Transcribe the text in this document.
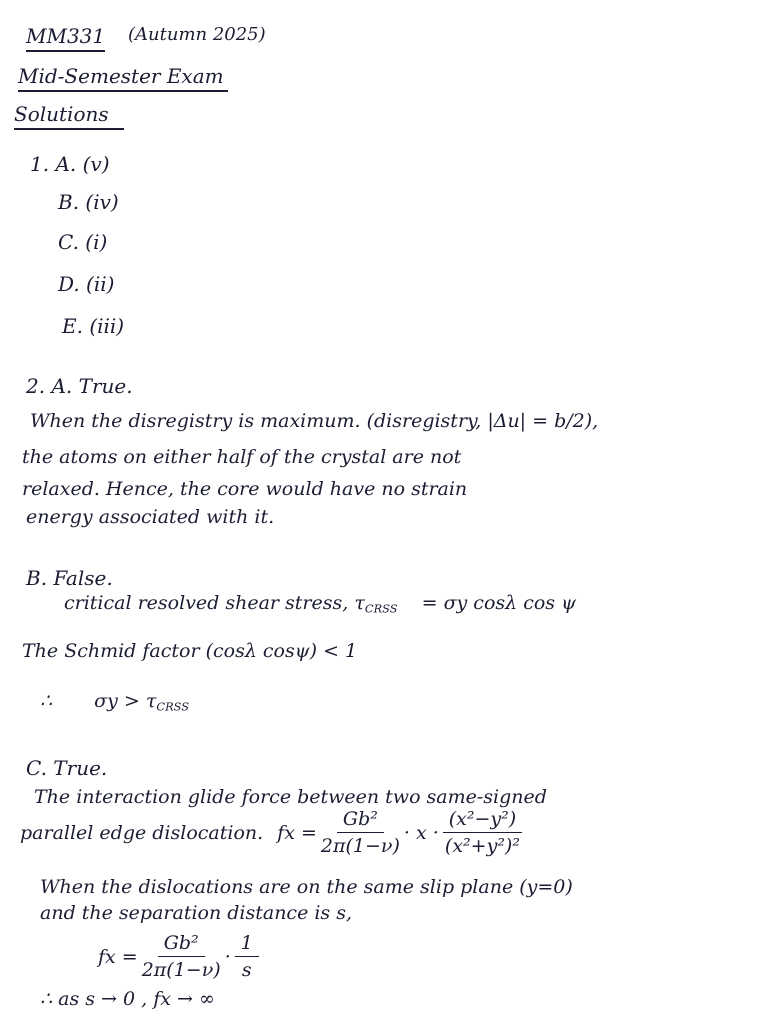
MM331 (Autumn 2025)
Mid-Semester Exam
Solutions
1. A. (v)
B. (iv)
C. (i)
D. (ii)
E. (iii)
2. A. True.
When the disregistry is maximum. (disregistry, |Δu| = b/2),
the atoms on either half of the crystal are not
relaxed. Hence, the core would have no strain
energy associated with it.
B. False.
critical resolved shear stress, $\tau_{CRSS} = \sigma y$ cosλ cos ψ
The Schmid factor (cosλ cosψ) < 1
∴ $\sigma y > \tau_{CRSS}$
C. True.
The interaction glide force between two same-signed
parallel edge dislocation. fx = $\frac{\text{Gb²}}{2\pi(1-\nu)} \cdot x \cdot \frac{\text{(x²−y²)}}{\text{(x²+y²)²}}$
When the dislocations are on the same slip plane (y=0)
and the separation distance is s,
fx = $\frac{\text{Gb²}}{2\pi(1-\nu)} \cdot \frac{1}{s}$
∴ as s → 0 , fx → ∞
